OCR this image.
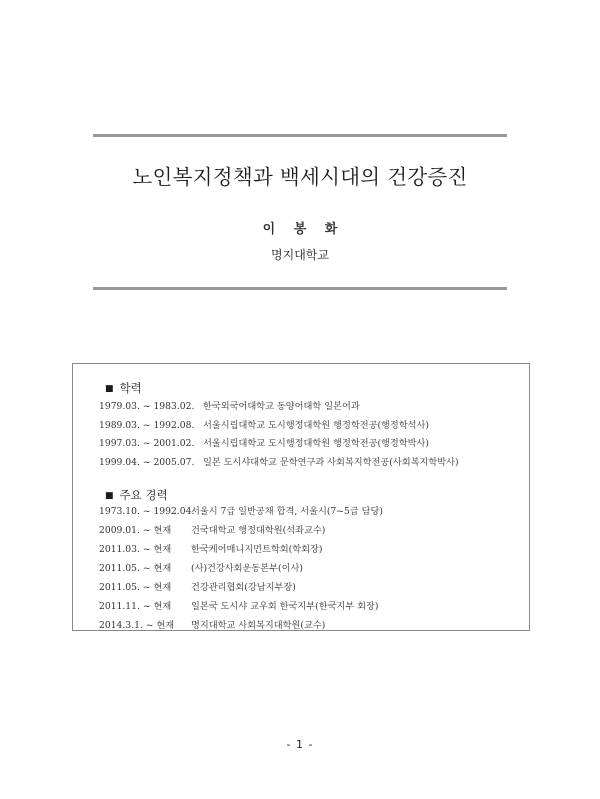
노인복지정책과 백세시대의 건강증진
이 봉 화
명지대학교
■ 학력
1979.03. ~ 1983.02. 한국외국어대학교 동양어대학 일본어과
1989.03. ~ 1992.08. 서울시립대학교 도시행정대학원 행정학전공(행정학석사)
1997.03. ~ 2001.02. 서울시립대학교 도시행정대학원 행정학전공(행정학박사)
1999.04. ~ 2005.07. 일본 도시샤대학교 문학연구과 사회복지학전공(사회복지학박사)
■ 주요 경력
1973.10. ~ 1992.04.
서울시 7급 일반공채 합격, 서울시(7~5급 담당)
2009.01. ~ 현재 건국대학교 행정대학원(석좌교수)
2011.03. ~ 현재 한국케어매니지먼트학회(학회장)
2011.05. ~ 현재 (사)건강사회운동본부(이사)
2011.05. ~ 현재 건강관리협회(강남지부장)
2011.11. ~ 현재 일본국 도시샤 교우회 한국지부(한국지부 회장)
2014.3.1. ~ 현재 명지대학교 사회복지대학원(교수)
- 1 -
